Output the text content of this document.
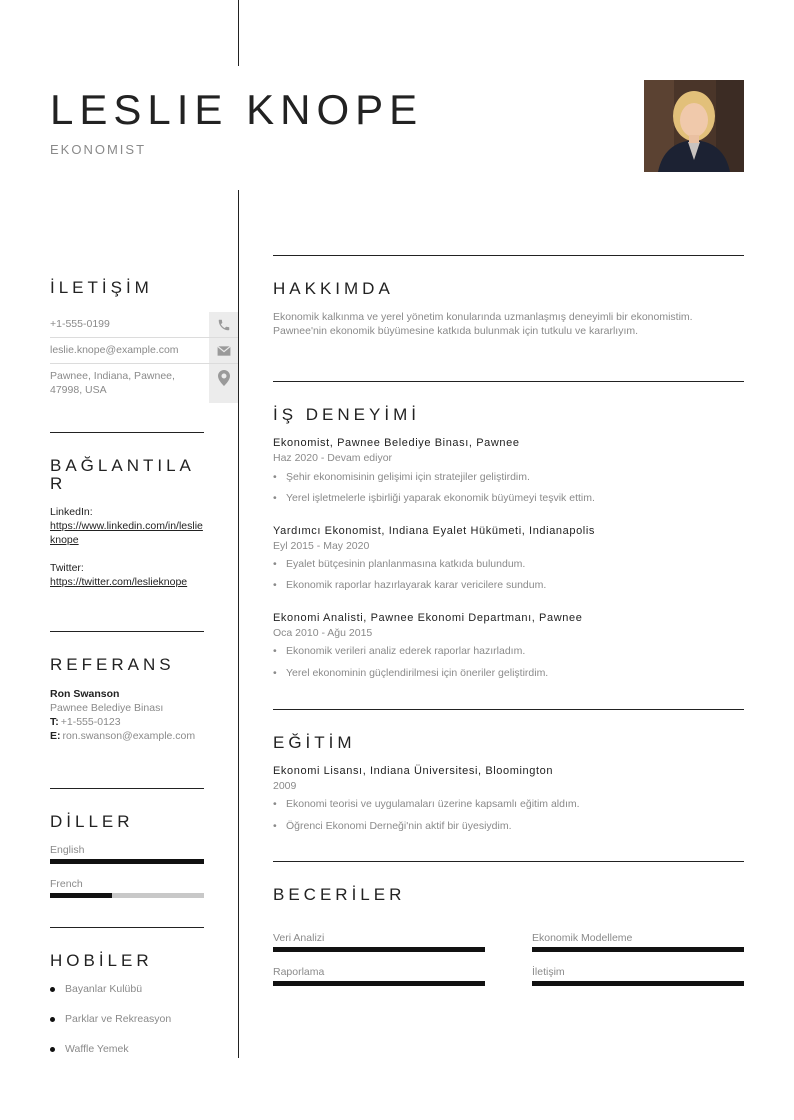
LESLIE KNOPE
EKONOMIST
İLETİŞİM
+1-555-0199
leslie.knope@example.com
Pawnee, Indiana, Pawnee, 47998, USA
BAĞLANTILA
R
LinkedIn:
https://www.linkedin.com/in/leslieknope
Twitter:
https://twitter.com/leslieknope
REFERANS
Ron Swanson
Pawnee Belediye Binası
T: +1-555-0123
E: ron.swanson@example.com
DİLLER
English
French
HOBİLER
Bayanlar Kulübü
Parklar ve Rekreasyon
Waffle Yemek
HAKKIMDA
Ekonomik kalkınma ve yerel yönetim konularında uzmanlaşmış deneyimli bir ekonomistim. Pawnee'nin ekonomik büyümesine katkıda bulunmak için tutkulu ve kararlıyım.
İŞ DENEYİMİ
Ekonomist, Pawnee Belediye Binası, Pawnee
Haz 2020 - Devam ediyor
• Şehir ekonomisinin gelişimi için stratejiler geliştirdim.
• Yerel işletmelerle işbirliği yaparak ekonomik büyümeyi teşvik ettim.
Yardımcı Ekonomist, Indiana Eyalet Hükümeti, Indianapolis
Eyl 2015 - May 2020
• Eyalet bütçesinin planlanmasına katkıda bulundum.
• Ekonomik raporlar hazırlayarak karar vericilere sundum.
Ekonomi Analisti, Pawnee Ekonomi Departmanı, Pawnee
Oca 2010 - Ağu 2015
• Ekonomik verileri analiz ederek raporlar hazırladım.
• Yerel ekonominin güçlendirilmesi için öneriler geliştirdim.
EĞİTİM
Ekonomi Lisansı, Indiana Üniversitesi, Bloomington
2009
• Ekonomi teorisi ve uygulamaları üzerine kapsamlı eğitim aldım.
• Öğrenci Ekonomi Derneği'nin aktif bir üyesiydim.
BECERİLER
Veri Analizi	Ekonomik Modelleme
Raporlama	İletişim
